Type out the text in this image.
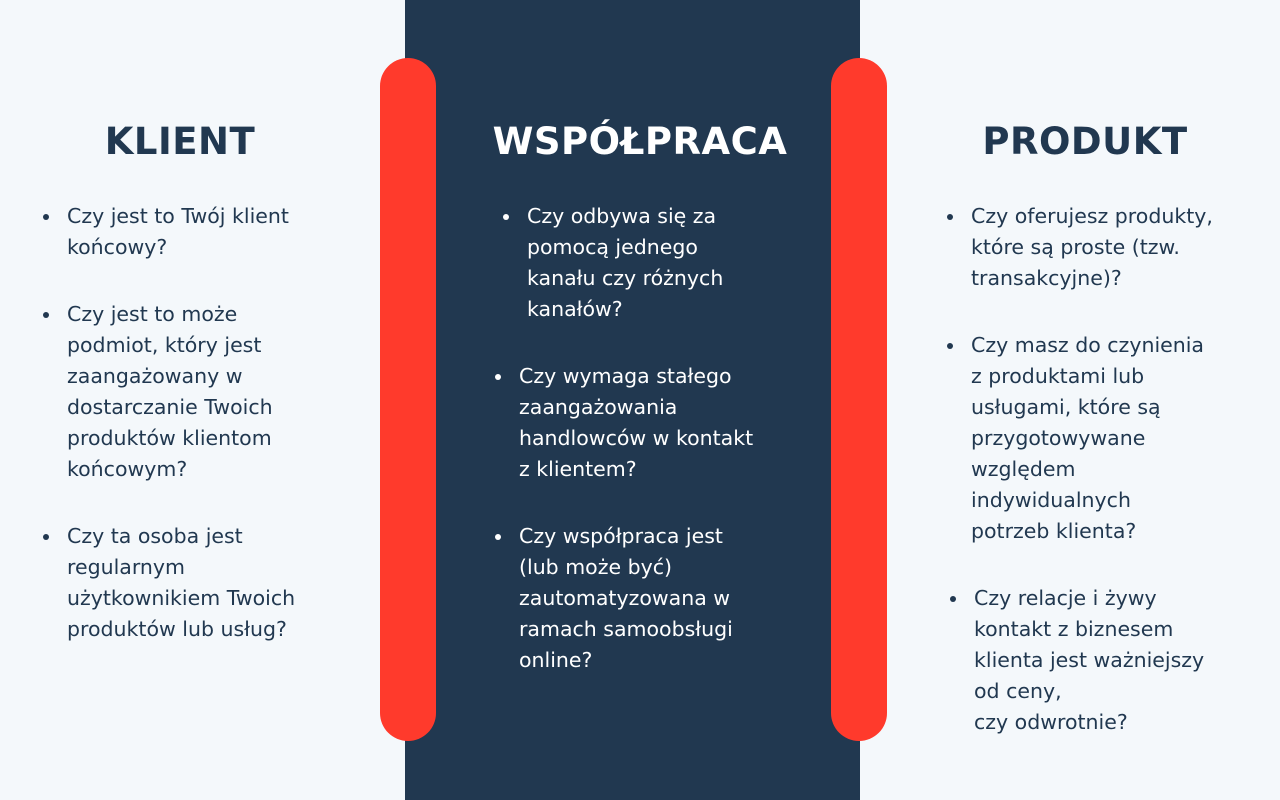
KLIENT	WSPÓŁPRACA	PRODUKT
Czy jest to Twój klient
końcowy?
Czy jest to może
podmiot, który jest
zaangażowany w
dostarczanie Twoich
produktów klientom
końcowym?
Czy ta osoba jest
regularnym
użytkownikiem Twoich
produktów lub usług?
Czy odbywa się za
pomocą jednego
kanału czy różnych
kanałów?
Czy wymaga stałego
zaangażowania
handlowców w kontakt
z klientem?
Czy współpraca jest
(lub może być)
zautomatyzowana w
ramach samoobsługi
online?
Czy oferujesz produkty,
które są proste (tzw.
transakcyjne)?
Czy masz do czynienia
z produktami lub
usługami, które są
przygotowywane
względem
indywidualnych
potrzeb klienta?
Czy relacje i żywy
kontakt z biznesem
klienta jest ważniejszy
od ceny,
czy odwrotnie?
